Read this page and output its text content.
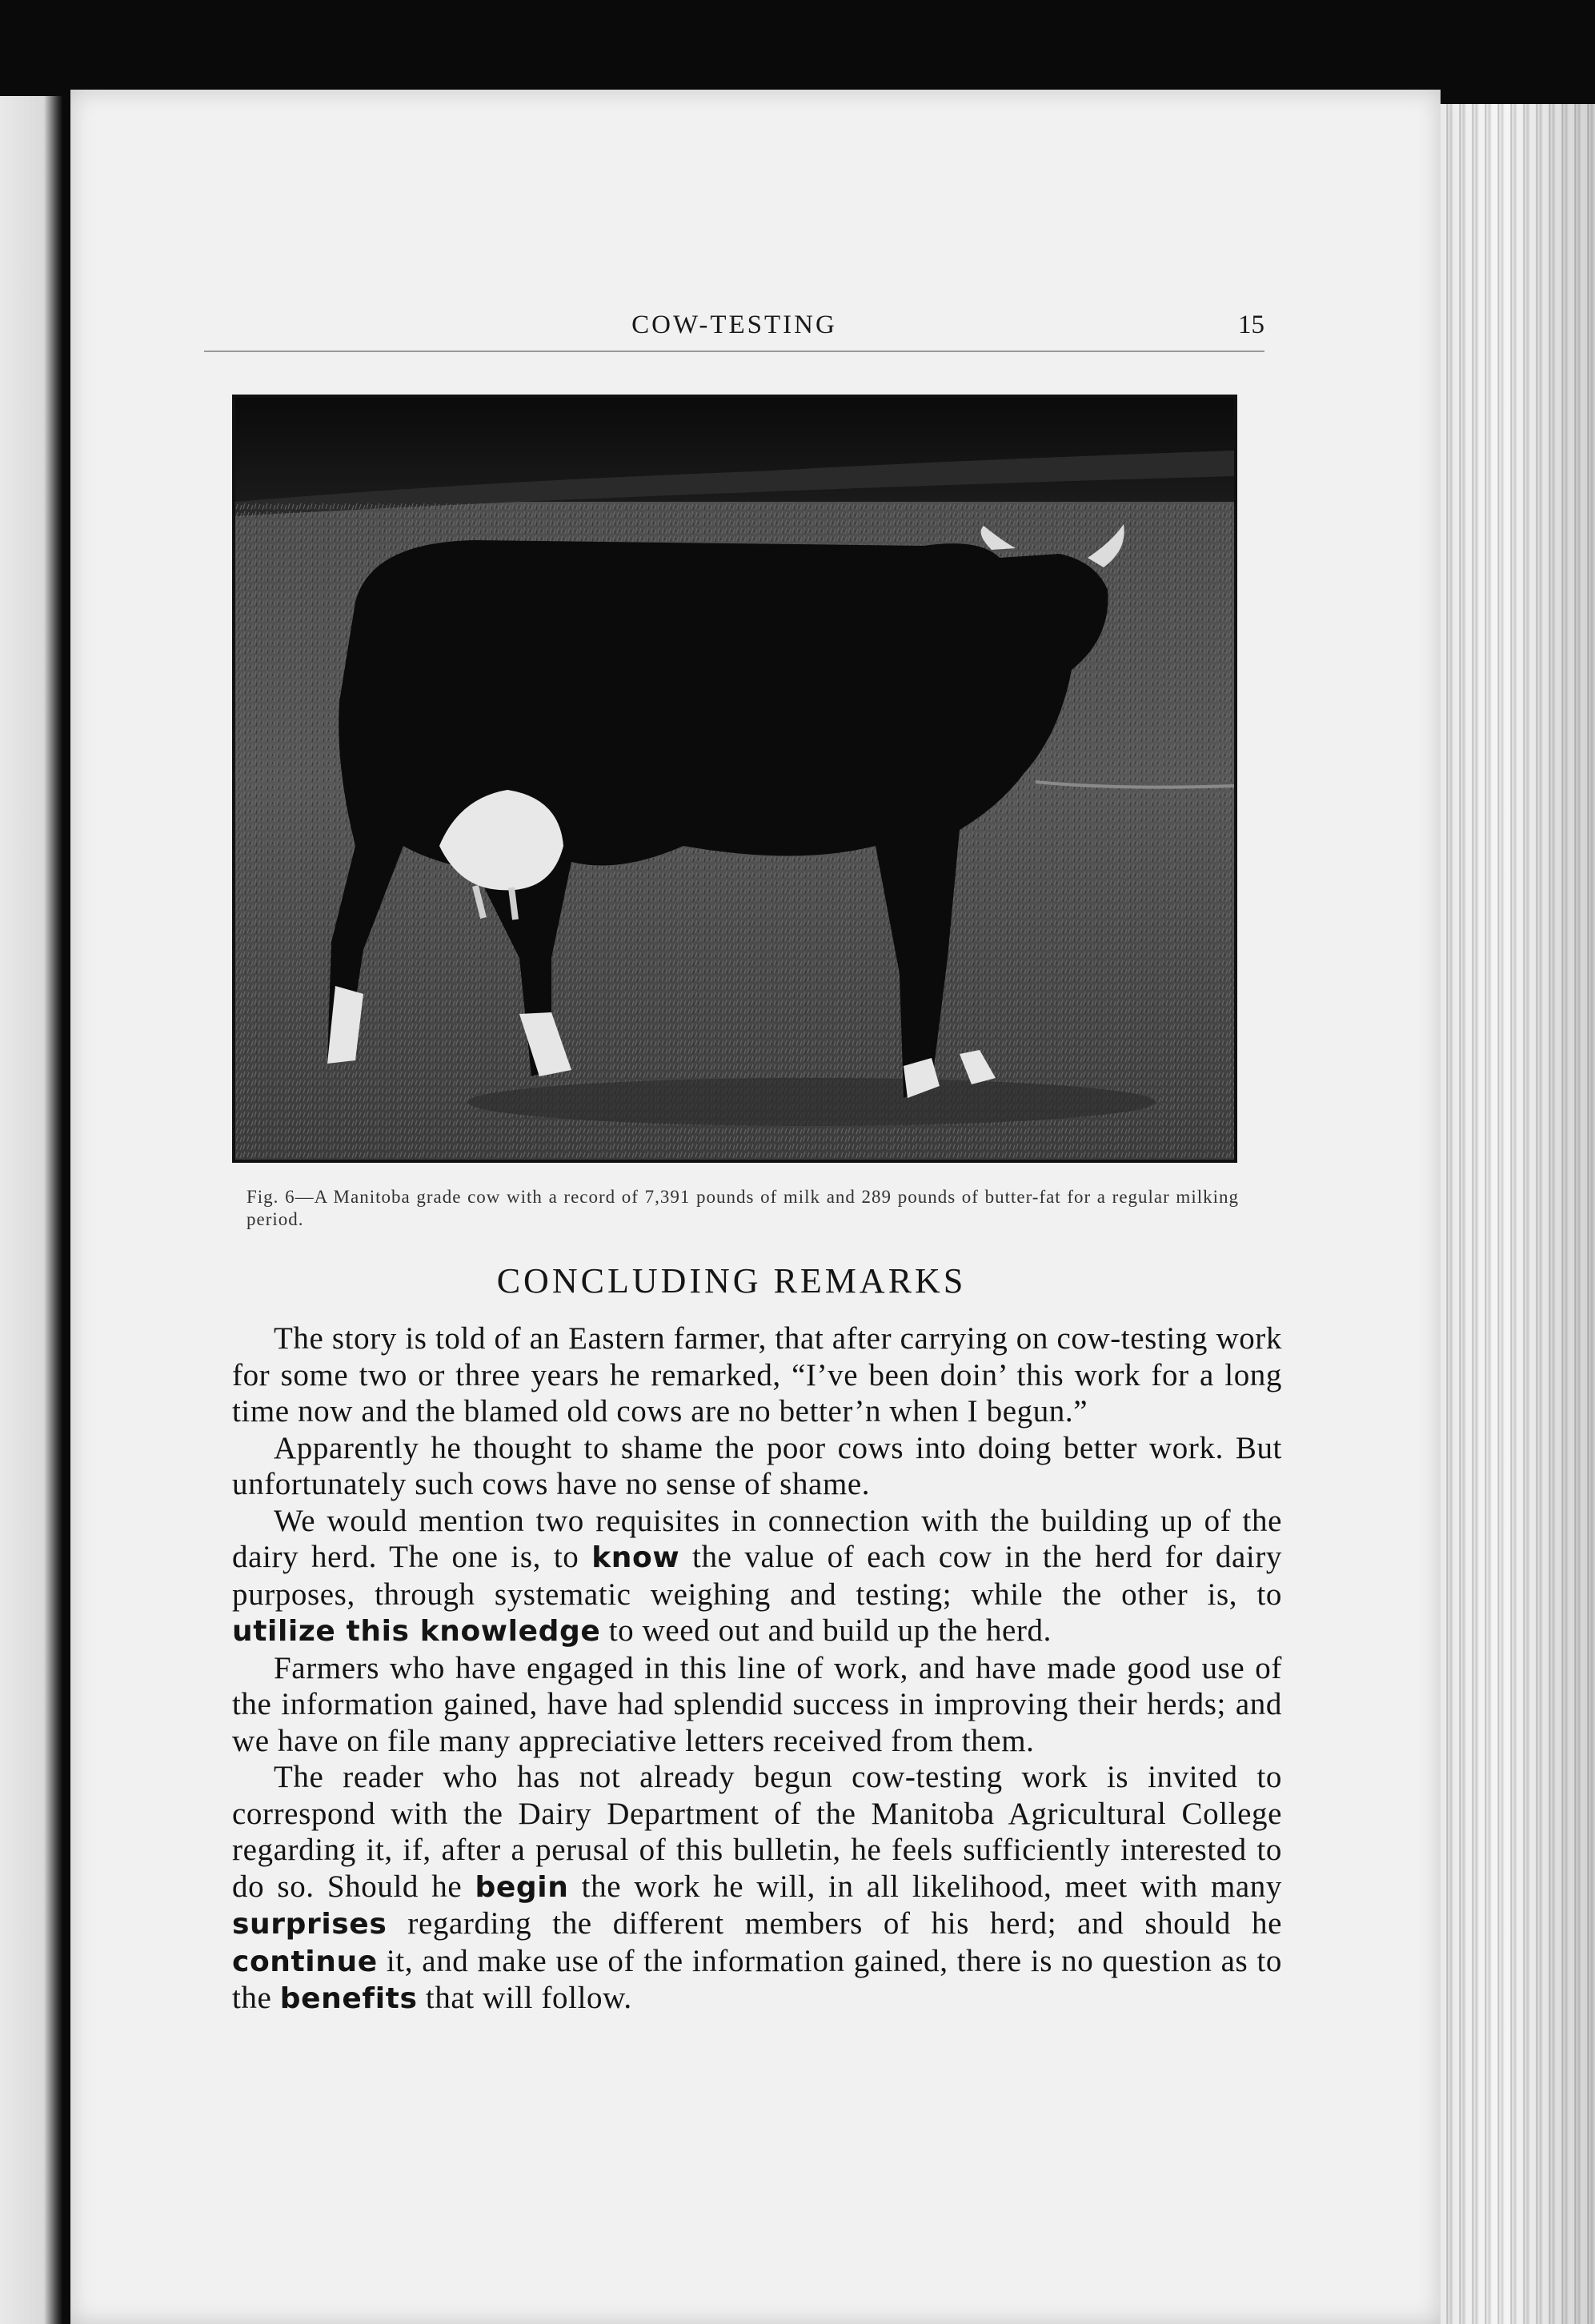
COW-TESTING	15
Fig. 6—A Manitoba grade cow with a record of 7,391 pounds of milk and 289 pounds of butter-fat for a regular milking period.
CONCLUDING REMARKS

The story is told of an Eastern farmer, that after carrying on cow-testing work for some two or three years he remarked, “I’ve been doin’ this work for a long time now and the blamed old cows are no better’n when I begun.”

Apparently he thought to shame the poor cows into doing better work. But unfortunately such cows have no sense of shame.

We would mention two requisites in connection with the building up of the dairy herd. The one is, to know the value of each cow in the herd for dairy purposes, through systematic weighing and testing; while the other is, to utilize this knowledge to weed out and build up the herd.

Farmers who have engaged in this line of work, and have made good use of the information gained, have had splendid success in improving their herds; and we have on file many appreciative letters received from them.

The reader who has not already begun cow-testing work is invited to correspond with the Dairy Department of the Manitoba Agricultural College regarding it, if, after a perusal of this bulletin, he feels sufficiently interested to do so. Should he begin the work he will, in all likelihood, meet with many surprises regarding the different members of his herd; and should he continue it, and make use of the information gained, there is no question as to the benefits that will follow.
